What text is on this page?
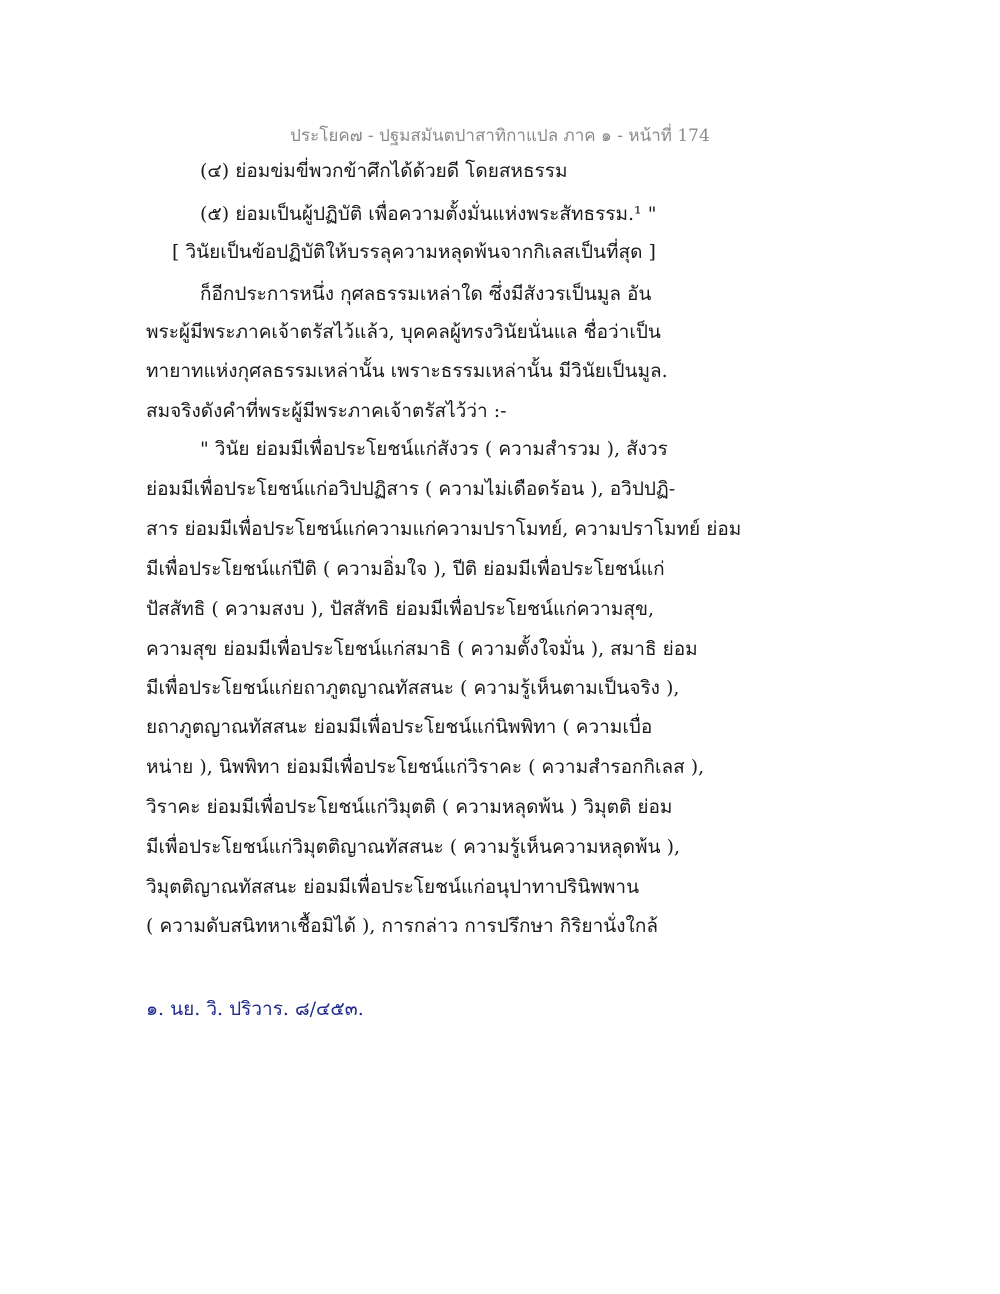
ประโยค๗ - ปฐมสมันตปาสาทิกาแปล ภาค ๑ - หน้าที่ 174
(๔) ย่อมข่มขี่พวกข้าศึกได้ด้วยดี โดยสหธรรม
(๕) ย่อมเป็นผู้ปฏิบัติ เพื่อความตั้งมั่นแห่งพระสัทธรรม.¹ "
[ วินัยเป็นข้อปฏิบัติให้บรรลุความหลุดพ้นจากกิเลสเป็นที่สุด ]
ก็อีกประการหนึ่ง กุศลธรรมเหล่าใด ซึ่งมีสังวรเป็นมูล อัน
พระผู้มีพระภาคเจ้าตรัสไว้แล้ว, บุคคลผู้ทรงวินัยนั่นแล ชื่อว่าเป็น
ทายาทแห่งกุศลธรรมเหล่านั้น เพราะธรรมเหล่านั้น มีวินัยเป็นมูล.
สมจริงดังคำที่พระผู้มีพระภาคเจ้าตรัสไว้ว่า :-
" วินัย ย่อมมีเพื่อประโยชน์แก่สังวร ( ความสำรวม ), สังวร
ย่อมมีเพื่อประโยชน์แก่อวิปปฏิสาร ( ความไม่เดือดร้อน ), อวิปปฏิ-
สาร ย่อมมีเพื่อประโยชน์แก่ความแก่ความปราโมทย์, ความปราโมทย์ ย่อม
มีเพื่อประโยชน์แก่ปีติ ( ความอิ่มใจ ), ปีติ ย่อมมีเพื่อประโยชน์แก่
ปัสสัทธิ ( ความสงบ ), ปัสสัทธิ ย่อมมีเพื่อประโยชน์แก่ความสุข,
ความสุข ย่อมมีเพื่อประโยชน์แก่สมาธิ ( ความตั้งใจมั่น ), สมาธิ ย่อม
มีเพื่อประโยชน์แก่ยถาภูตญาณทัสสนะ ( ความรู้เห็นตามเป็นจริง ),
ยถาภูตญาณทัสสนะ ย่อมมีเพื่อประโยชน์แก่นิพพิทา ( ความเบื่อ
หน่าย ), นิพพิทา ย่อมมีเพื่อประโยชน์แก่วิราคะ ( ความสำรอกกิเลส ),
วิราคะ ย่อมมีเพื่อประโยชน์แก่วิมุตติ ( ความหลุดพ้น ) วิมุตติ ย่อม
มีเพื่อประโยชน์แก่วิมุตติญาณทัสสนะ ( ความรู้เห็นความหลุดพ้น ),
วิมุตติญาณทัสสนะ ย่อมมีเพื่อประโยชน์แก่อนุปาทาปรินิพพาน
( ความดับสนิทหาเชื้อมิได้ ), การกล่าว การปรึกษา กิริยานั่งใกล้
๑. นย. วิ. ปริวาร. ๘/๔๕๓.
